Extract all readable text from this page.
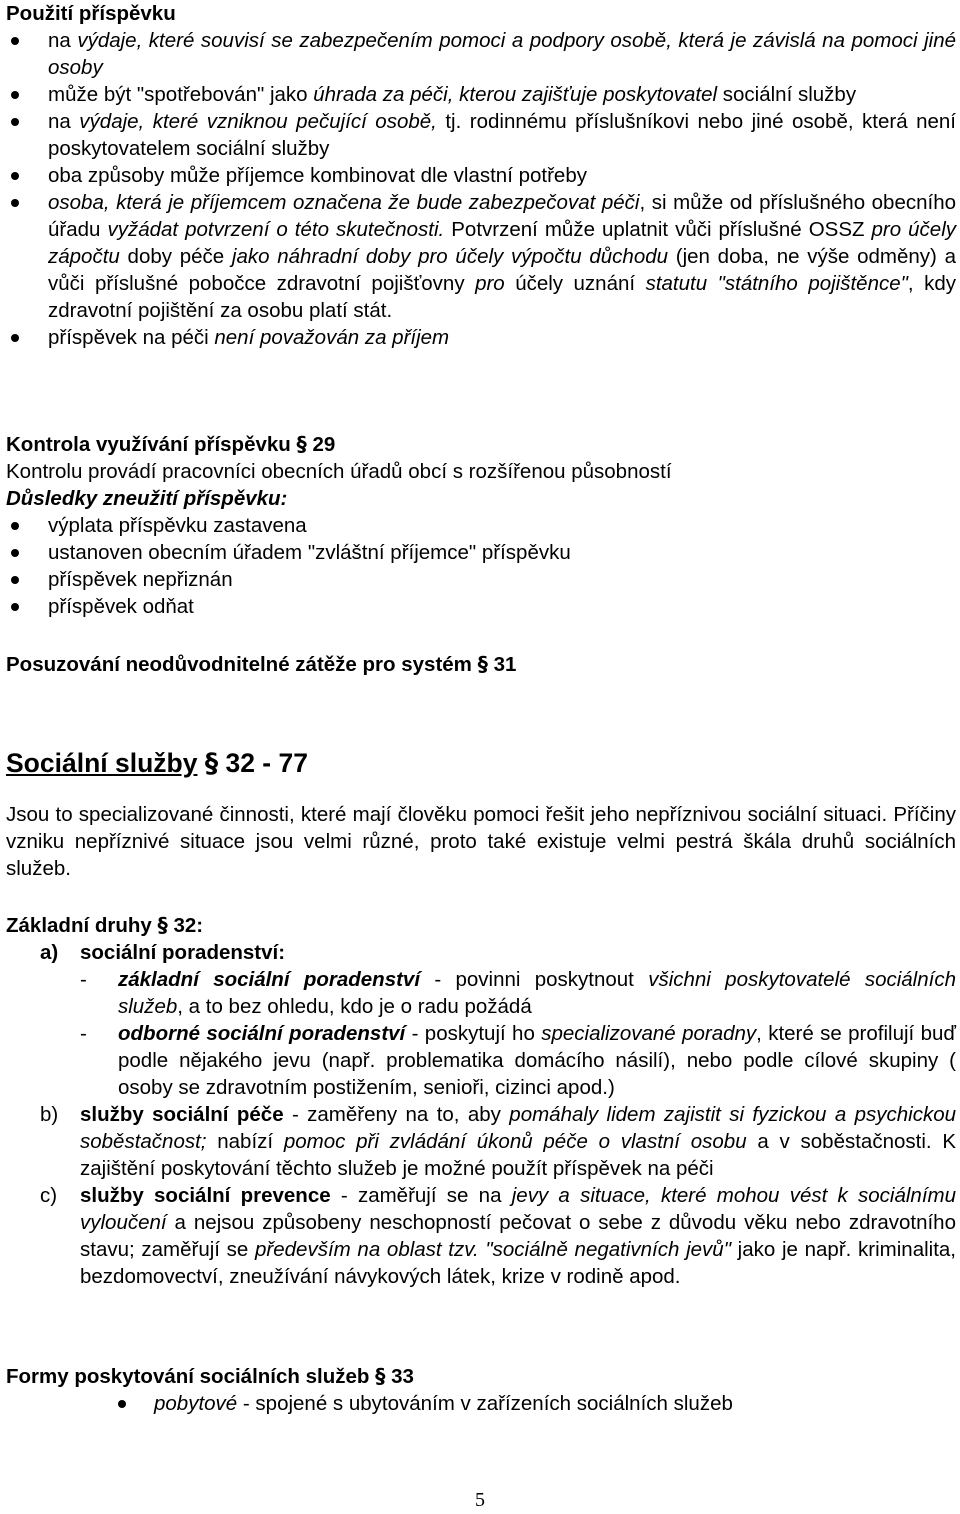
Použití příspěvku

na výdaje, které souvisí se zabezpečením pomoci a podpory osobě, která je závislá na pomoci jiné osoby
může být "spotřebován" jako úhrada za péči, kterou zajišťuje poskytovatel sociální služby
na výdaje, které vzniknou pečující osobě, tj. rodinnému příslušníkovi nebo jiné osobě, která není poskytovatelem sociální služby
oba způsoby může příjemce kombinovat dle vlastní potřeby
osoba, která je příjemcem označena že bude zabezpečovat péči, si může od příslušného obecního úřadu vyžádat potvrzení o této skutečnosti. Potvrzení může uplatnit vůči příslušné OSSZ pro účely zápočtu doby péče jako náhradní doby pro účely výpočtu důchodu (jen doba, ne výše odměny) a vůči příslušné pobočce zdravotní pojišťovny pro účely uznání statutu "státního pojištěnce", kdy zdravotní pojištění za osobu platí stát.
příspěvek na péči není považován za příjem

Kontrola využívání příspěvku § 29

Kontrolu provádí pracovníci obecních úřadů obcí s rozšířenou působností

Důsledky zneužití příspěvku:

výplata příspěvku zastavena
ustanoven obecním úřadem "zvláštní příjemce" příspěvku
příspěvek nepřiznán
příspěvek odňat

Posuzování neodůvodnitelné zátěže pro systém § 31

Sociální služby § 32 - 77

Jsou to specializované činnosti, které mají člověku pomoci řešit jeho nepříznivou sociální situaci. Příčiny vzniku nepříznivé situace jsou velmi různé, proto také existuje velmi pestrá škála druhů sociálních služeb.

Základní druhy § 32:

a) sociální poradenství:
- základní sociální poradenství - povinni poskytnout všichni poskytovatelé sociálních služeb, a to bez ohledu, kdo je o radu požádá
- odborné sociální poradenství - poskytují ho specializované poradny, které se profilují buď podle nějakého jevu (např. problematika domácího násilí), nebo podle cílové skupiny ( osoby se zdravotním postižením, senioři, cizinci apod.)
b) služby sociální péče - zaměřeny na to, aby pomáhaly lidem zajistit si fyzickou a psychickou soběstačnost; nabízí pomoc při zvládání úkonů péče o vlastní osobu a v soběstačnosti. K zajištění poskytování těchto služeb je možné použít příspěvek na péči
c) služby sociální prevence - zaměřují se na jevy a situace, které mohou vést k sociálnímu vyloučení a nejsou způsobeny neschopností pečovat o sebe z důvodu věku nebo zdravotního stavu; zaměřují se především na oblast tzv. "sociálně negativních jevů" jako je např. kriminalita, bezdomovectví, zneužívání návykových látek, krize v rodině apod.

Formy poskytování sociálních služeb § 33

pobytové - spojené s ubytováním v zařízeních sociálních služeb
5
